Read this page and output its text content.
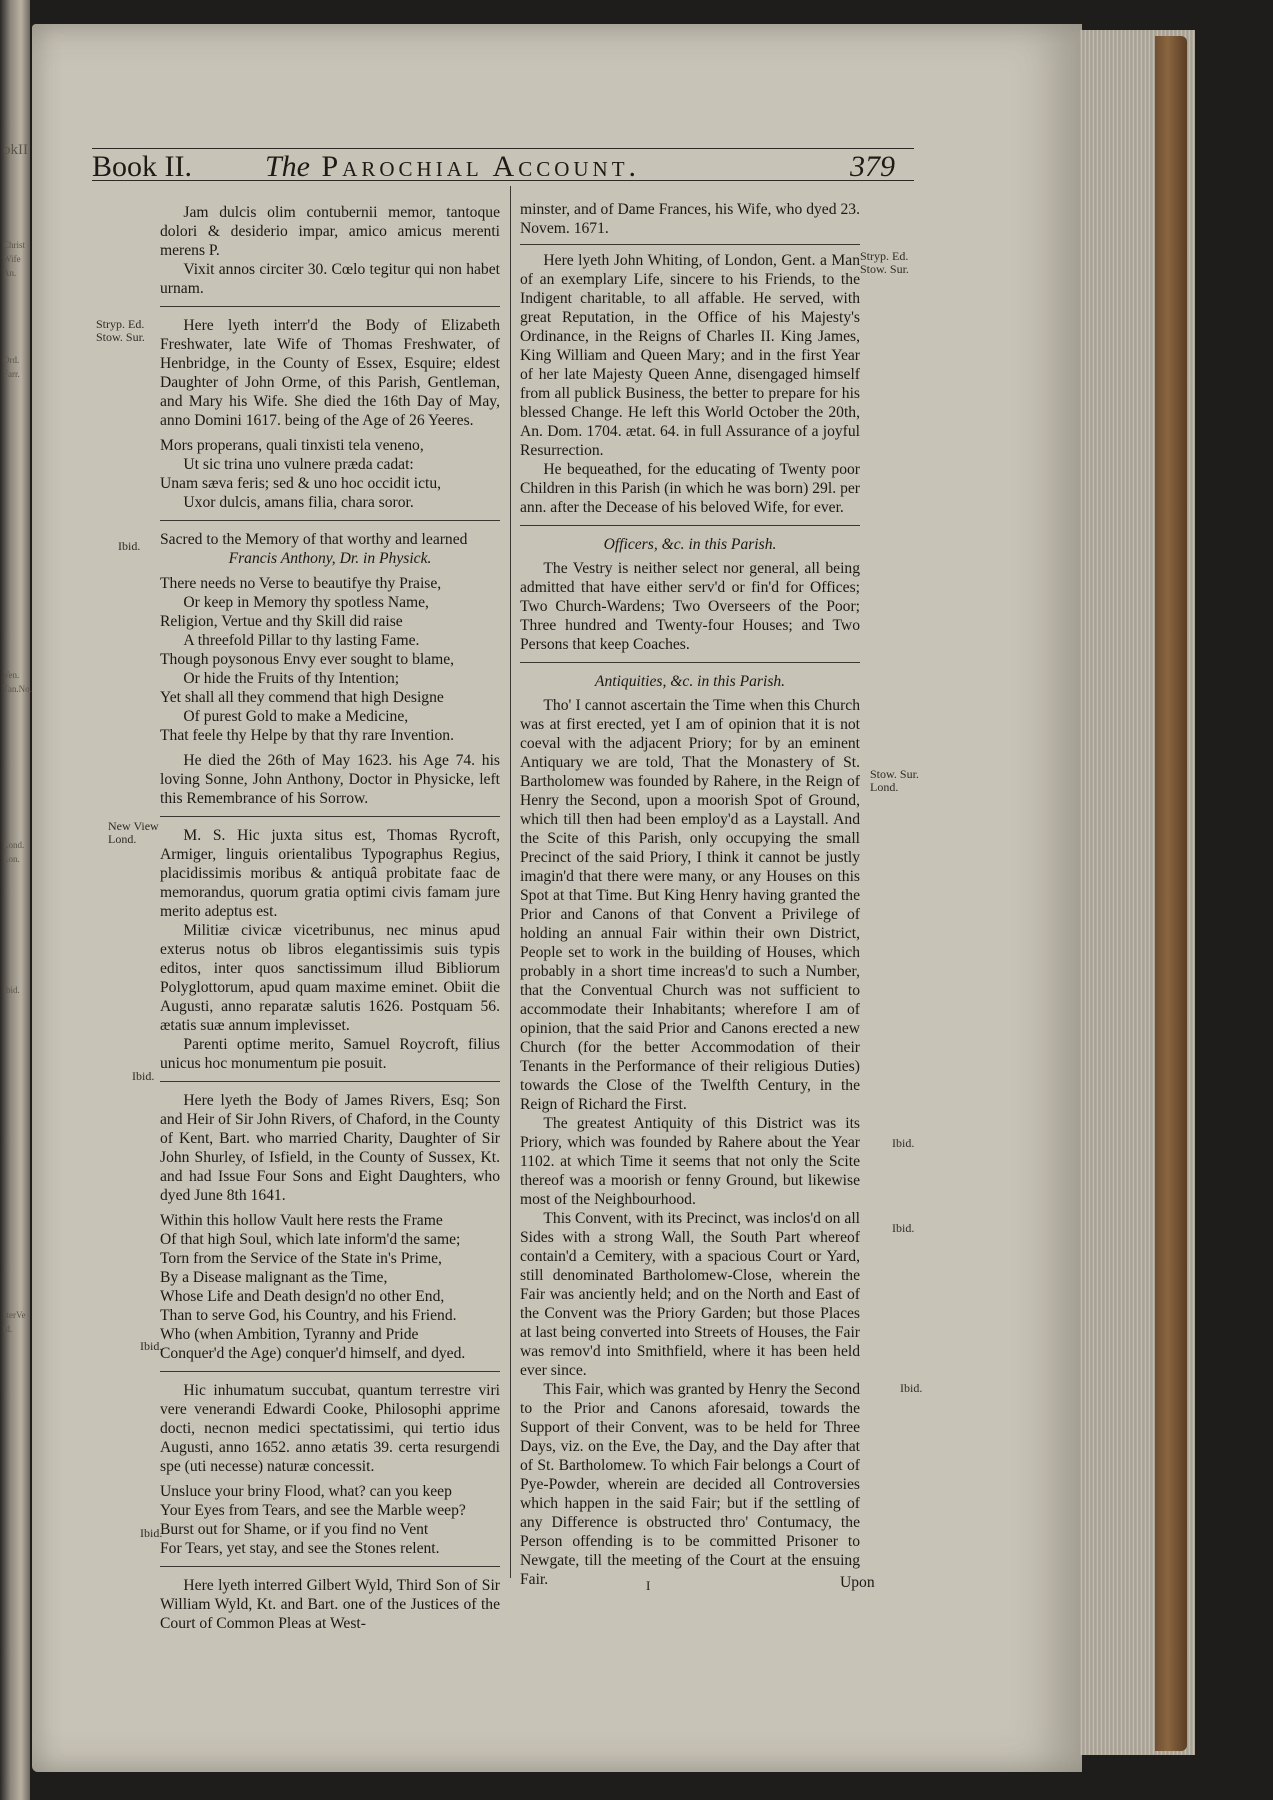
okII
Christ
Wife
An.
Ord.
Farr.
Ven.
Tan.No.
Lond.
Lon.
Ibid.
sterVe
id.
Book II. The Parochial Account.	379
Stryp. Ed. Stow. Sur.
Ibid.
New View Lond.
Ibid.
Ibid.
Ibid.
Stryp. Ed. Stow. Sur.
Stow. Sur. Lond.
Ibid.
Ibid.
Ibid.

Jam dulcis olim contubernii memor, tantoque dolori & desiderio impar, amico amicus merenti merens P.

Vixit annos circiter 30. Cœlo tegitur qui non habet urnam.

Here lyeth interr'd the Body of Elizabeth Freshwater, late Wife of Thomas Freshwater, of Henbridge, in the County of Essex, Esquire; eldest Daughter of John Orme, of this Parish, Gentleman, and Mary his Wife. She died the 16th Day of May, anno Domini 1617. being of the Age of 26 Yeeres.

Mors properans, quali tinxisti tela veneno,

Ut sic trina uno vulnere præda cadat:

Unam sæva feris; sed & uno hoc occidit ictu,

Uxor dulcis, amans filia, chara soror.

Sacred to the Memory of that worthy and learned

Francis Anthony, Dr. in Physick.

There needs no Verse to beautifye thy Praise,

Or keep in Memory thy spotless Name,

Religion, Vertue and thy Skill did raise

A threefold Pillar to thy lasting Fame.

Though poysonous Envy ever sought to blame,

Or hide the Fruits of thy Intention;

Yet shall all they commend that high Designe

Of purest Gold to make a Medicine,

That feele thy Helpe by that thy rare Invention.

He died the 26th of May 1623. his Age 74. his loving Sonne, John Anthony, Doctor in Physicke, left this Remembrance of his Sorrow.

M. S. Hic juxta situs est, Thomas Rycroft, Armiger, linguis orientalibus Typographus Regius, placidissimis moribus & antiquâ probitate faac de memorandus, quorum gratia optimi civis famam jure merito adeptus est.

Militiæ civicæ vicetribunus, nec minus apud exterus notus ob libros elegantissimis suis typis editos, inter quos sanctissimum illud Bibliorum Polyglottorum, apud quam maxime eminet. Obiit die Augusti, anno reparatæ salutis 1626. Postquam 56. ætatis suæ annum implevisset.

Parenti optime merito, Samuel Roycroft, filius unicus hoc monumentum pie posuit.

Here lyeth the Body of James Rivers, Esq; Son and Heir of Sir John Rivers, of Chaford, in the County of Kent, Bart. who married Charity, Daughter of Sir John Shurley, of Isfield, in the County of Sussex, Kt. and had Issue Four Sons and Eight Daughters, who dyed June 8th 1641.

Within this hollow Vault here rests the Frame

Of that high Soul, which late inform'd the same;

Torn from the Service of the State in's Prime,

By a Disease malignant as the Time,

Whose Life and Death design'd no other End,

Than to serve God, his Country, and his Friend.

Who (when Ambition, Tyranny and Pride

Conquer'd the Age) conquer'd himself, and dyed.

Hic inhumatum succubat, quantum terrestre viri vere venerandi Edwardi Cooke, Philosophi apprime docti, necnon medici spectatissimi, qui tertio idus Augusti, anno 1652. anno ætatis 39. certa resurgendi spe (uti necesse) naturæ concessit.

Unsluce your briny Flood, what? can you keep

Your Eyes from Tears, and see the Marble weep?

Burst out for Shame, or if you find no Vent

For Tears, yet stay, and see the Stones relent.

Here lyeth interred Gilbert Wyld, Third Son of Sir William Wyld, Kt. and Bart. one of the Justices of the Court of Common Pleas at West-

minster, and of Dame Frances, his Wife, who dyed 23. Novem. 1671.

Here lyeth John Whiting, of London, Gent. a Man of an exemplary Life, sincere to his Friends, to the Indigent charitable, to all affable. He served, with great Reputation, in the Office of his Majesty's Ordinance, in the Reigns of Charles II. King James, King William and Queen Mary; and in the first Year of her late Majesty Queen Anne, disengaged himself from all publick Business, the better to prepare for his blessed Change. He left this World October the 20th, An. Dom. 1704. ætat. 64. in full Assurance of a joyful Resurrection.

He bequeathed, for the educating of Twenty poor Children in this Parish (in which he was born) 29l. per ann. after the Decease of his beloved Wife, for ever.

Officers, &c. in this Parish.

The Vestry is neither select nor general, all being admitted that have either serv'd or fin'd for Offices; Two Church-Wardens; Two Overseers of the Poor; Three hundred and Twenty-four Houses; and Two Persons that keep Coaches.

Antiquities, &c. in this Parish.

Tho' I cannot ascertain the Time when this Church was at first erected, yet I am of opinion that it is not coeval with the adjacent Priory; for by an eminent Antiquary we are told, That the Monastery of St. Bartholomew was founded by Rahere, in the Reign of Henry the Second, upon a moorish Spot of Ground, which till then had been employ'd as a Laystall. And the Scite of this Parish, only occupying the small Precinct of the said Priory, I think it cannot be justly imagin'd that there were many, or any Houses on this Spot at that Time. But King Henry having granted the Prior and Canons of that Convent a Privilege of holding an annual Fair within their own District, People set to work in the building of Houses, which probably in a short time increas'd to such a Number, that the Conventual Church was not sufficient to accommodate their Inhabitants; wherefore I am of opinion, that the said Prior and Canons erected a new Church (for the better Accommodation of their Tenants in the Performance of their religious Duties) towards the Close of the Twelfth Century, in the Reign of Richard the First.

The greatest Antiquity of this District was its Priory, which was founded by Rahere about the Year 1102. at which Time it seems that not only the Scite thereof was a moorish or fenny Ground, but likewise most of the Neighbourhood.

This Convent, with its Precinct, was inclos'd on all Sides with a strong Wall, the South Part whereof contain'd a Cemitery, with a spacious Court or Yard, still denominated Bartholomew-Close, wherein the Fair was anciently held; and on the North and East of the Convent was the Priory Garden; but those Places at last being converted into Streets of Houses, the Fair was remov'd into Smithfield, where it has been held ever since.

This Fair, which was granted by Henry the Second to the Prior and Canons aforesaid, towards the Support of their Convent, was to be held for Three Days, viz. on the Eve, the Day, and the Day after that of St. Bartholomew. To which Fair belongs a Court of Pye-Powder, wherein are decided all Controversies which happen in the said Fair; but if the settling of any Difference is obstructed thro' Contumacy, the Person offending is to be committed Prisoner to Newgate, till the meeting of the Court at the ensuing Fair.	I	Upon
